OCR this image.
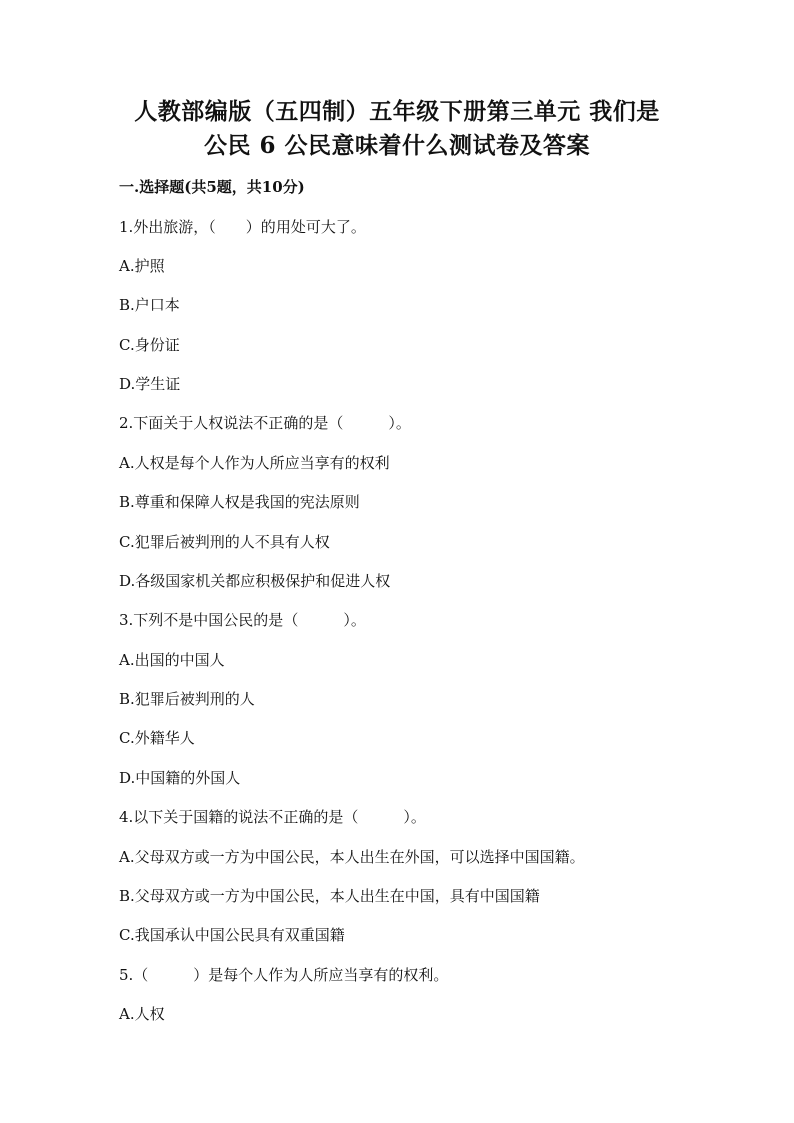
人教部编版（五四制）五年级下册第三单元 我们是
公民 6 公民意味着什么测试卷及答案
一.选择题(共5题，共10分)
1.外出旅游，（　　）的用处可大了。
A.护照
B.户口本
C.身份证
D.学生证
2.下面关于人权说法不正确的是（　　　）。
A.人权是每个人作为人所应当享有的权利
B.尊重和保障人权是我国的宪法原则
C.犯罪后被判刑的人不具有人权
D.各级国家机关都应积极保护和促进人权
3.下列不是中国公民的是（　　　）。
A.出国的中国人
B.犯罪后被判刑的人
C.外籍华人
D.中国籍的外国人
4.以下关于国籍的说法不正确的是（　　　）。
A.父母双方或一方为中国公民，本人出生在外国，可以选择中国国籍。
B.父母双方或一方为中国公民，本人出生在中国，具有中国国籍
C.我国承认中国公民具有双重国籍
5.（　　　）是每个人作为人所应当享有的权利。
A.人权
